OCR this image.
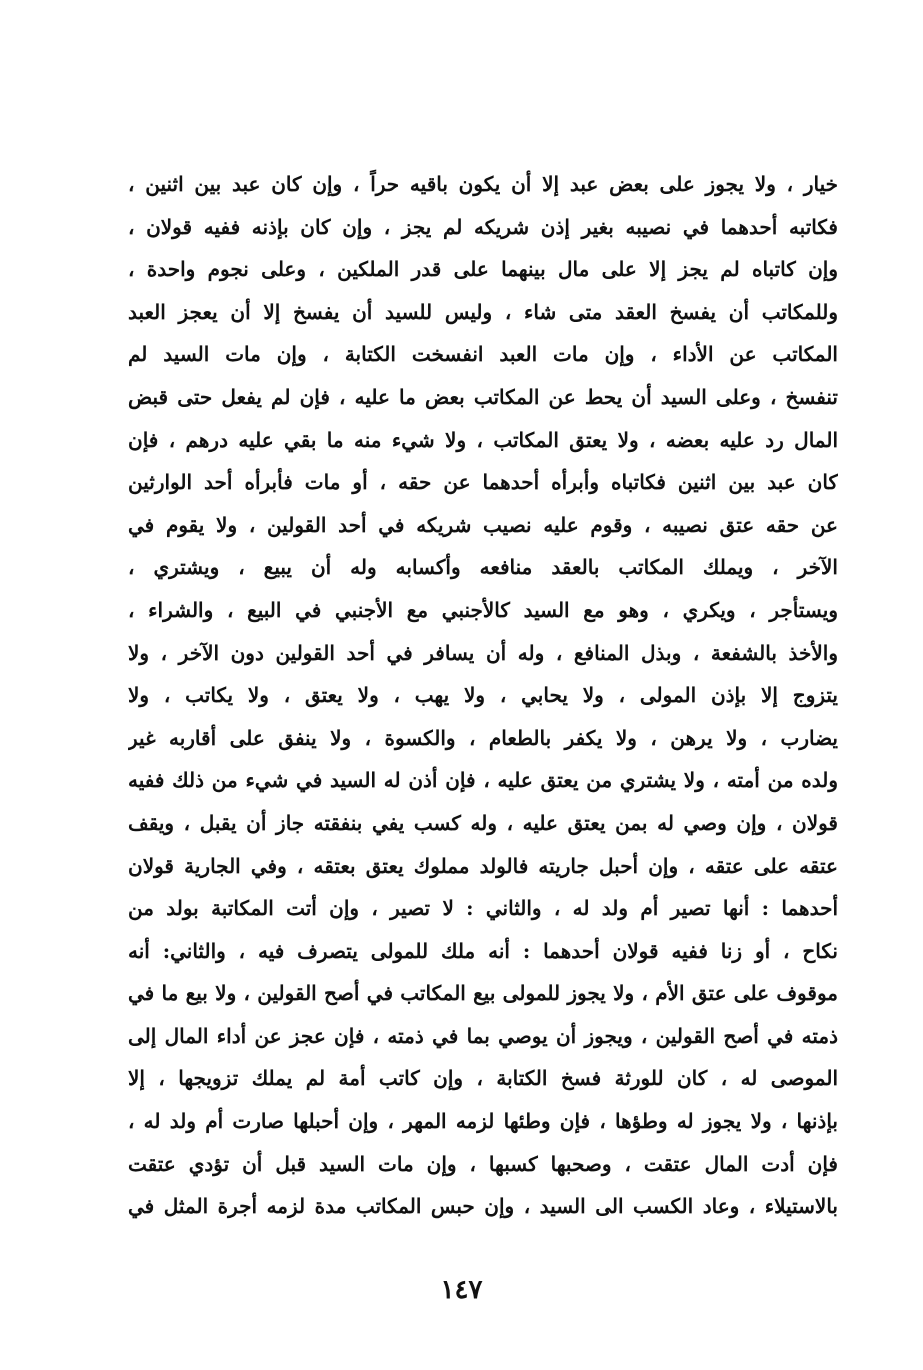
خيار ، ولا يجوز على بعض عبد إلا أن يكون باقيه حراً ، وإن كان عبد بين اثنين ،
فكاتبه أحدهما في نصيبه بغير إذن شريكه لم يجز ، وإن كان بإذنه ففيه قولان ،
وإن كاتباه لم يجز إلا على مال بينهما على قدر الملكين ، وعلى نجوم واحدة ،
وللمكاتب أن يفسخ العقد متى شاء ، وليس للسيد أن يفسخ إلا أن يعجز العبد
المكاتب عن الأداء ، وإن مات العبد انفسخت الكتابة ، وإن مات السيد لم
تنفسخ ، وعلى السيد أن يحط عن المكاتب بعض ما عليه ، فإن لم يفعل حتى قبض
المال رد عليه بعضه ، ولا يعتق المكاتب ، ولا شيء منه ما بقي عليه درهم ، فإن
كان عبد بين اثنين فكاتباه وأبرأه أحدهما عن حقه ، أو مات فأبرأه أحد الوارثين
عن حقه عتق نصيبه ، وقوم عليه نصيب شريكه في أحد القولين ، ولا يقوم في
الآخر ، ويملك المكاتب بالعقد منافعه وأكسابه وله أن يبيع ، ويشتري ،
ويستأجر ، ويكري ، وهو مع السيد كالأجنبي مع الأجنبي في البيع ، والشراء ،
والأخذ بالشفعة ، وبذل المنافع ، وله أن يسافر في أحد القولين دون الآخر ، ولا
يتزوج إلا بإذن المولى ، ولا يحابي ، ولا يهب ، ولا يعتق ، ولا يكاتب ، ولا
يضارب ، ولا يرهن ، ولا يكفر بالطعام ، والكسوة ، ولا ينفق على أقاربه غير
ولده من أمته ، ولا يشتري من يعتق عليه ، فإن أذن له السيد في شيء من ذلك ففيه
قولان ، وإن وصي له بمن يعتق عليه ، وله كسب يفي بنفقته جاز أن يقبل ، ويقف
عتقه على عتقه ، وإن أحبل جاريته فالولد مملوك يعتق بعتقه ، وفي الجارية قولان
أحدهما : أنها تصير أم ولد له ، والثاني : لا تصير ، وإن أتت المكاتبة بولد من
نكاح ، أو زنا ففيه قولان أحدهما : أنه ملك للمولى يتصرف فيه ، والثاني: أنه
موقوف على عتق الأم ، ولا يجوز للمولى بيع المكاتب في أصح القولين ، ولا بيع ما في
ذمته في أصح القولين ، ويجوز أن يوصي بما في ذمته ، فإن عجز عن أداء المال إلى
الموصى له ، كان للورثة فسخ الكتابة ، وإن كاتب أمة لم يملك تزويجها ، إلا
بإذنها ، ولا يجوز له وطؤها ، فإن وطئها لزمه المهر ، وإن أحبلها صارت أم ولد له ،
فإن أدت المال عتقت ، وصحبها كسبها ، وإن مات السيد قبل أن تؤدي عتقت
بالاستيلاء ، وعاد الكسب الى السيد ، وإن حبس المكاتب مدة لزمه أجرة المثل في
١٤٧
